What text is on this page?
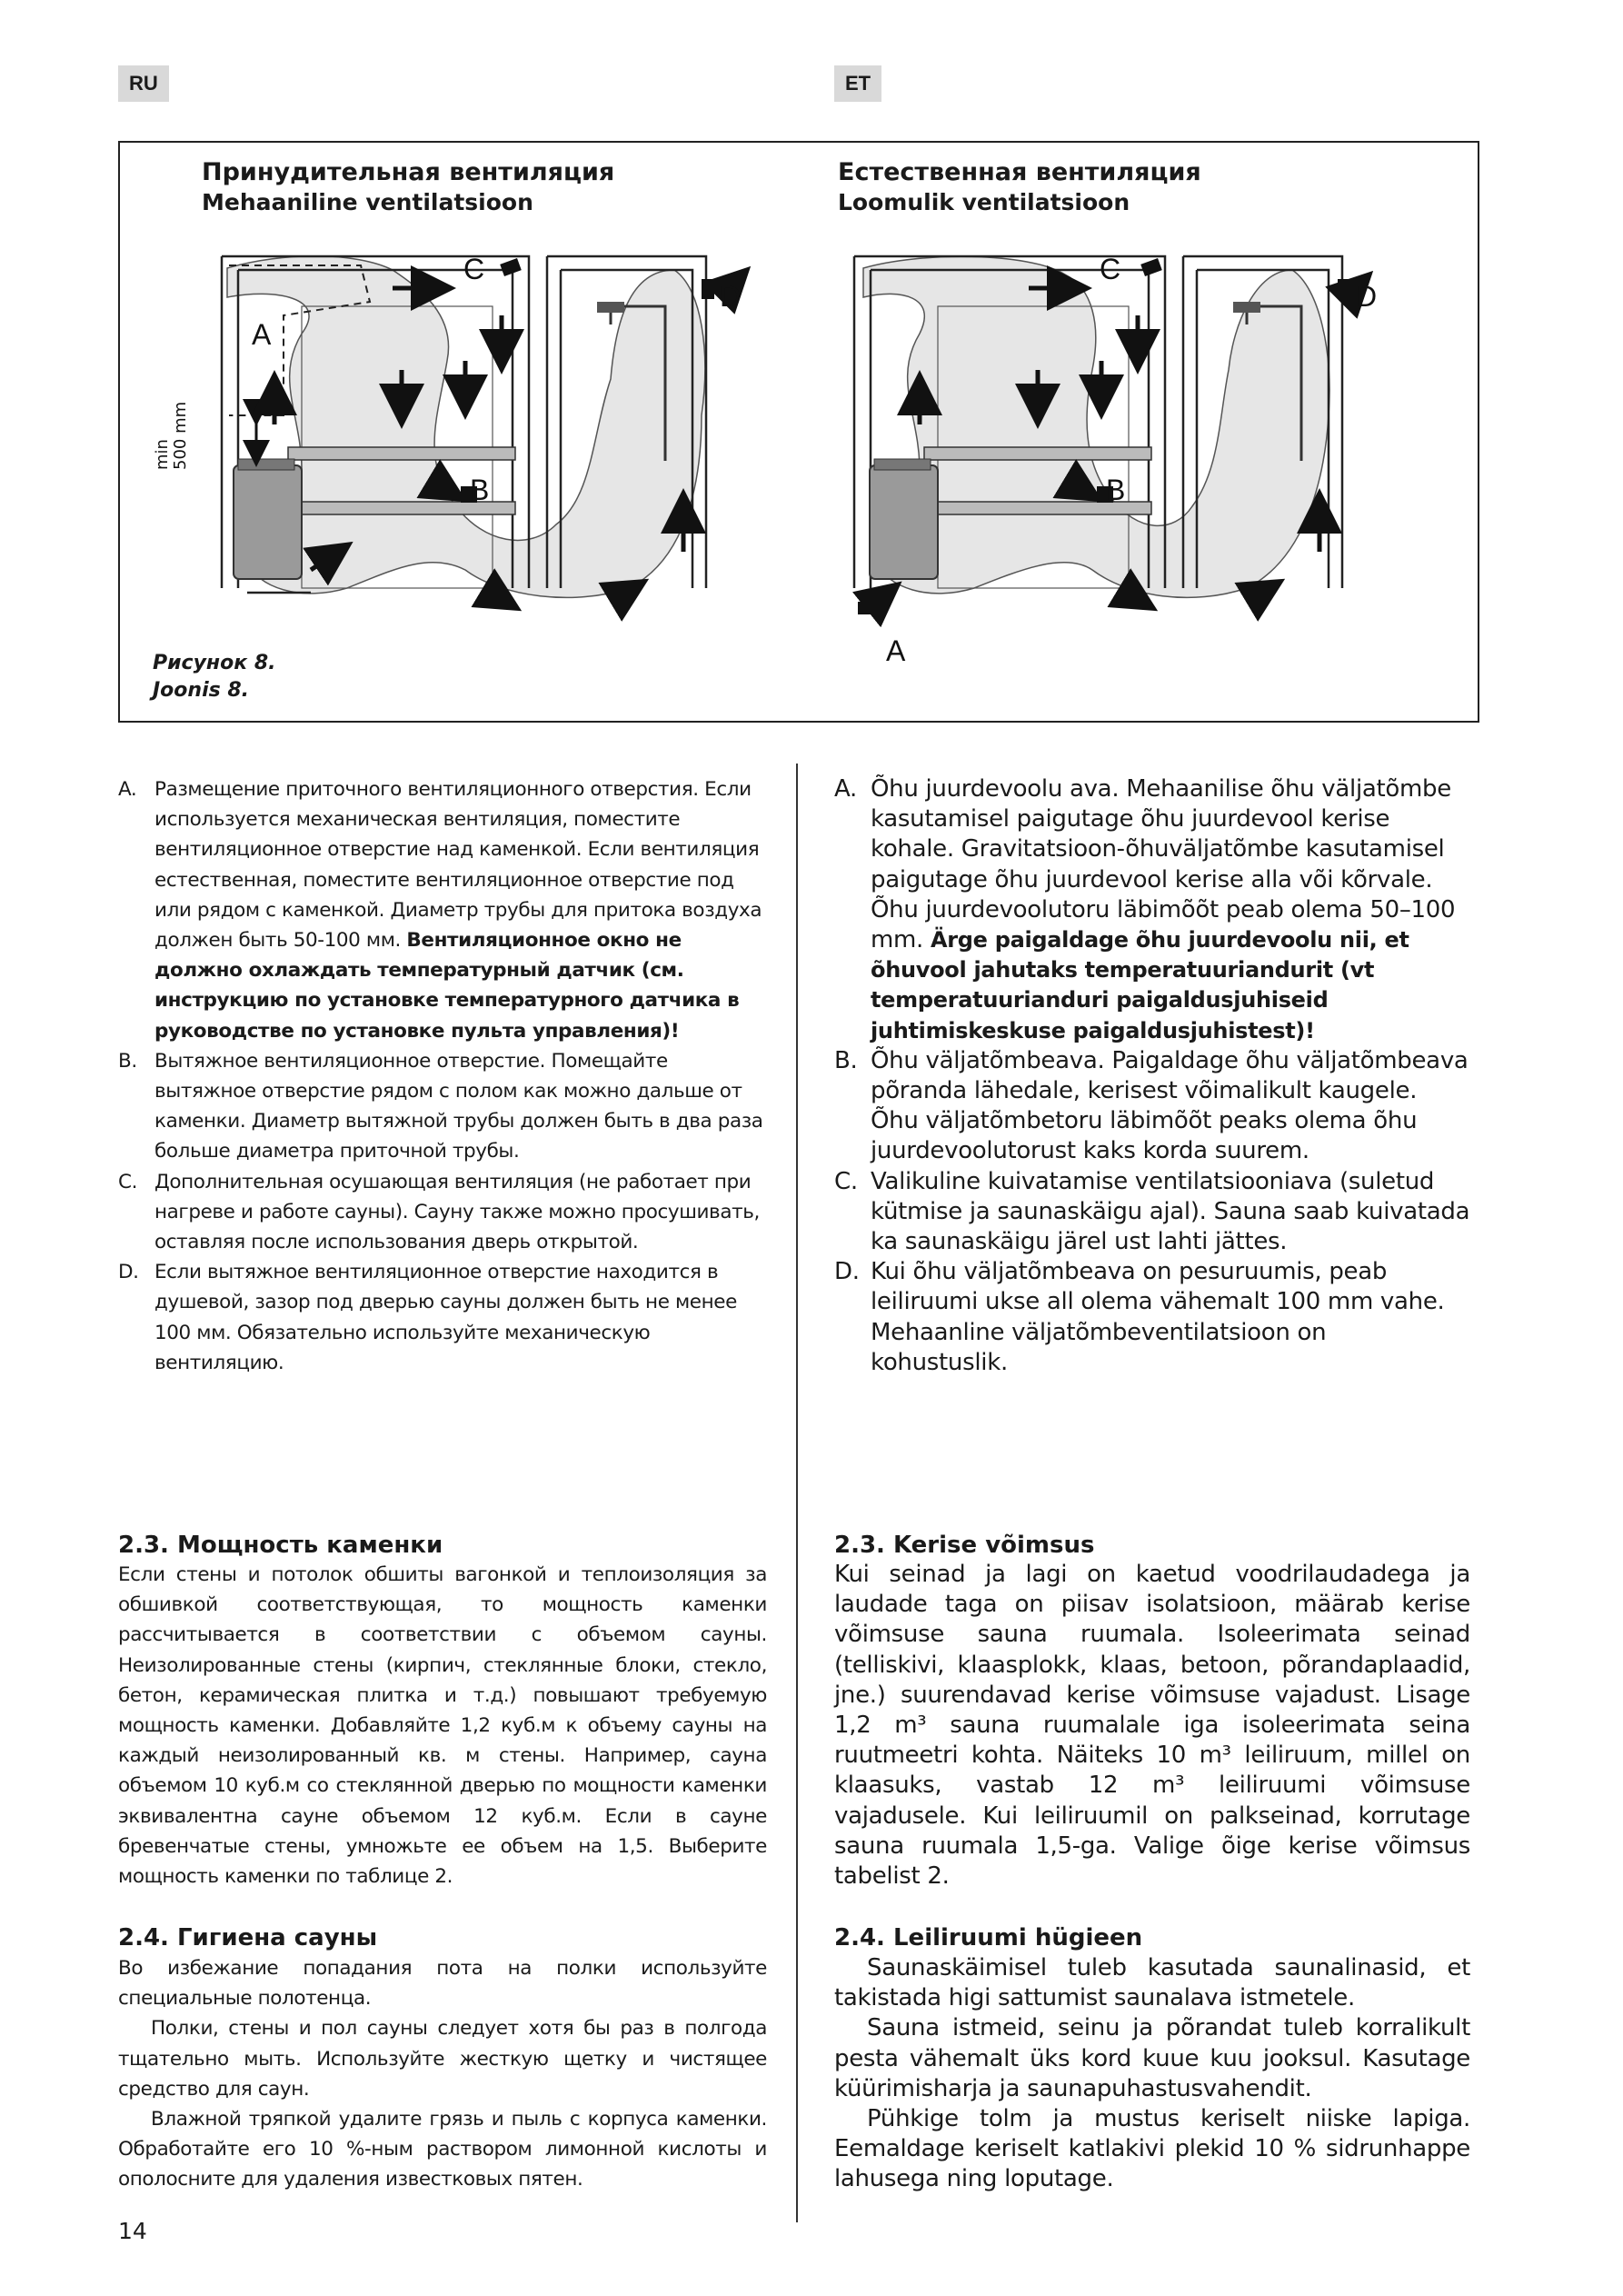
RU	ET
Принудительная вентиляция
Mehaaniline ventilatsioon
Естественная вентиляция
Loomulik ventilatsioon
A
B
C
D
A
B
C
D
min 500 mm
Рисунок 8.
Joonis 8.
A. Размещение приточного вентиляционного отверстия. Если используется механическая вентиляция, поместите вентиляционное отверстие над каменкой. Если вентиляция естественная, поместите вентиляционное отверстие под или рядом с каменкой. Диаметр трубы для притока воздуха должен быть 50-100 мм. Вентиляционное окно не должно охлаждать температурный датчик (см. инструкцию по установке температурного датчика в руководстве по установке пульта управления)!
B. Вытяжное вентиляционное отверстие. Помещайте вытяжное отверстие рядом с полом как можно дальше от каменки. Диаметр вытяжной трубы должен быть в два раза больше диаметра приточной трубы.
C. Дополнительная осушающая вентиляция (не работает при нагреве и работе сауны). Сауну также можно просушивать, оставляя после использования дверь открытой.
D. Если вытяжное вентиляционное отверстие находится в душевой, зазор под дверью сауны должен быть не менее 100 мм. Обязательно используйте механическую вентиляцию.
2.3. Мощность каменки
Если стены и потолок обшиты вагонкой и теплоизоляция за обшивкой соответствующая, то мощность каменки рассчитывается в соответствии с объемом сауны. Неизолированные стены (кирпич, стеклянные блоки, стекло, бетон, керамическая плитка и т.д.) повышают требуемую мощность каменки. Добавляйте 1,2 куб.м к объему сауны на каждый неизолированный кв. м стены. Например, сауна объемом 10 куб.м со стеклянной дверью по мощности каменки эквивалентна сауне объемом 12 куб.м. Если в сауне бревенчатые стены, умножьте ее объем на 1,5. Выберите мощность каменки по таблице 2.
2.4. Гигиена сауны
Во избежание попадания пота на полки используйте специальные полотенца.
Полки, стены и пол сауны следует хотя бы раз в полгода тщательно мыть. Используйте жесткую щетку и чистящее средство для саун.
Влажной тряпкой удалите грязь и пыль с корпуса каменки. Обработайте его 10 %-ным раствором лимонной кислоты и ополосните для удаления известковых пятен.
A. Õhu juurdevoolu ava. Mehaanilise õhu väljatõmbe kasutamisel paigutage õhu juurdevool kerise kohale. Gravitatsioon-õhuväljatõmbe kasutamisel paigutage õhu juurdevool kerise alla või kõrvale. Õhu juurdevoolutoru läbimõõt peab olema 50–100 mm. Ärge paigaldage õhu juurdevoolu nii, et õhuvool jahutaks temperatuuriandurit (vt temperatuurianduri paigaldusjuhiseid juhtimiskeskuse paigaldusjuhistest)!
B. Õhu väljatõmbeava. Paigaldage õhu väljatõmbeava põranda lähedale, kerisest võimalikult kaugele. Õhu väljatõmbetoru läbimõõt peaks olema õhu juurdevoolutorust kaks korda suurem.
C. Valikuline kuivatamise ventilatsiooniava (suletud kütmise ja saunaskäigu ajal). Sauna saab kuivatada ka saunaskäigu järel ust lahti jättes.
D. Kui õhu väljatõmbeava on pesuruumis, peab leiliruumi ukse all olema vähemalt 100 mm vahe. Mehaanline väljatõmbeventilatsioon on kohustuslik.
2.3. Kerise võimsus
Kui seinad ja lagi on kaetud voodrilaudadega ja laudade taga on piisav isolatsioon, määrab kerise võimsuse sauna ruumala. Isoleerimata seinad (telliskivi, klaasplokk, klaas, betoon, põrandaplaadid, jne.) suurendavad kerise võimsuse vajadust. Lisage 1,2 m³ sauna ruumalale iga isoleerimata seina ruutmeetri kohta. Näiteks 10 m³ leiliruum, millel on klaasuks, vastab 12 m³ leiliruumi võimsuse vajadusele. Kui leiliruumil on palkseinad, korrutage sauna ruumala 1,5-ga. Valige õige kerise võimsus tabelist 2.
2.4. Leiliruumi hügieen
Saunaskäimisel tuleb kasutada saunalinasid, et takistada higi sattumist saunalava istmetele.
Sauna istmeid, seinu ja põrandat tuleb korralikult pesta vähemalt üks kord kuue kuu jooksul. Kasutage küürimisharja ja saunapuhastusvahendit.
Pühkige tolm ja mustus keriselt niiske lapiga. Eemaldage keriselt katlakivi plekid 10 % sidrunhappe lahusega ning loputage.
14
